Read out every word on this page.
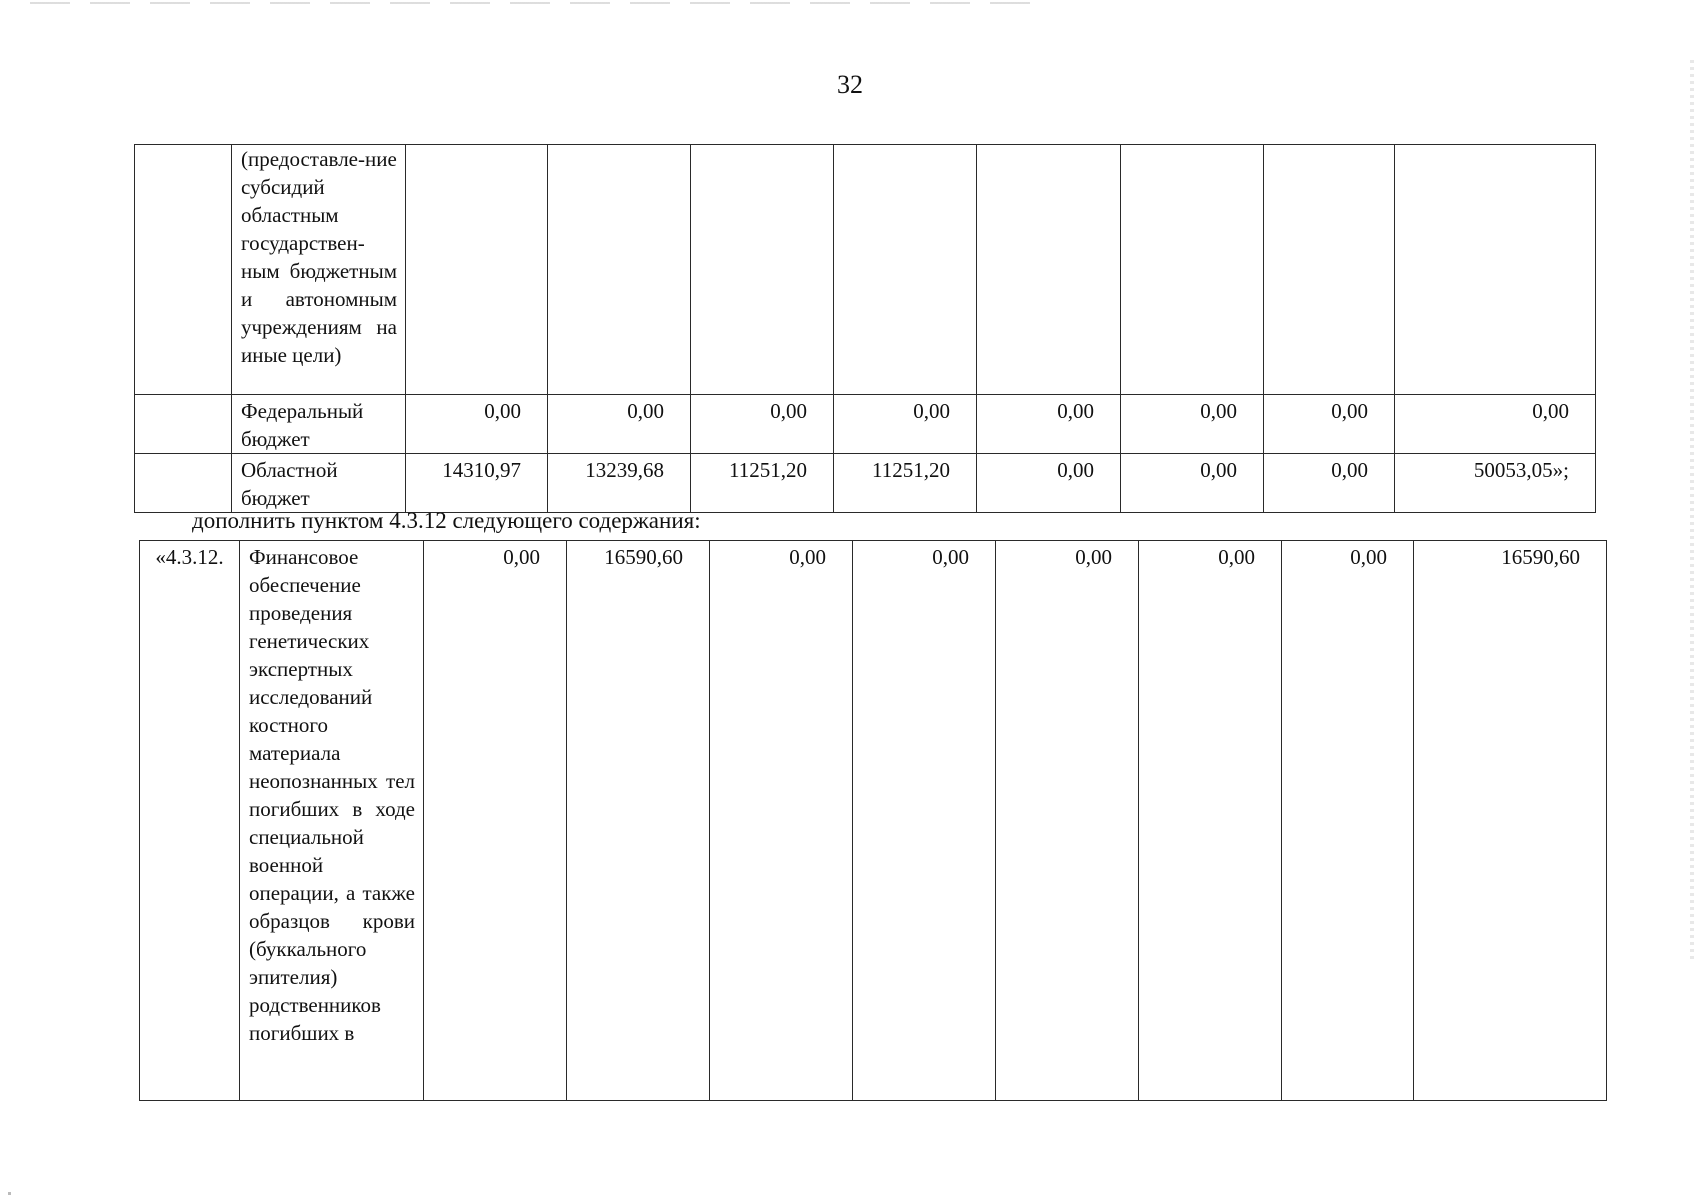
32
	(предоставле-ние субсидий областным государствен-ным бюджетным и автономным учреждениям на иные цели)								
	Федеральный бюджет	0,00	0,00	0,00	0,00	0,00	0,00	0,00	0,00
	Областной бюджет	14310,97	13239,68	11251,20	11251,20	0,00	0,00	0,00	50053,05»;
дополнить пунктом 4.3.12 следующего содержания:
«4.3.12.	Финансовое обеспечение проведения генетических экспертных исследований костного материала неопознанных тел погибших в ходе специальной военной операции, а также образцов крови (буккального эпителия) родственников погибших в	0,00	16590,60	0,00	0,00	0,00	0,00	0,00	16590,60
